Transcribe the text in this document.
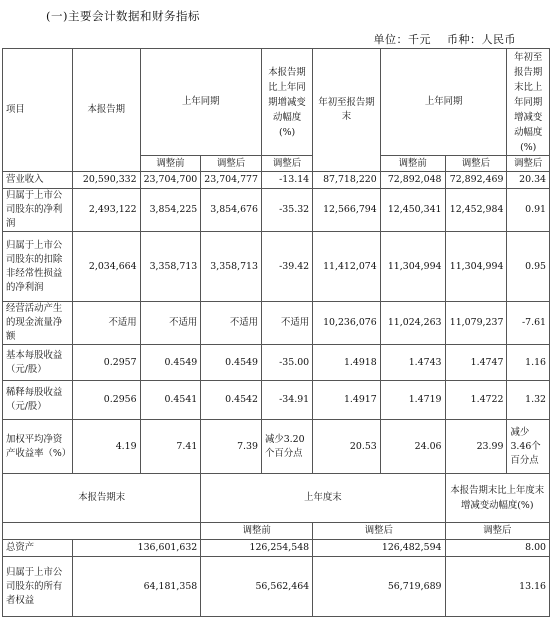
(一)主要会计数据和财务指标
单位：千元 币种：人民币
项目	本报告期	上年同期		本报告期比上年同期增减变动幅度(%)	年初至报告期末	上年同期		年初至报告期末比上年同期增减变动幅度(%)
		调整前	调整后	调整后		调整前	调整后	调整后
营业收入	20,590,332	23,704,700	23,704,777	-13.14	87,718,220	72,892,048	72,892,469	20.34
归属于上市公司股东的净利润	2,493,122	3,854,225	3,854,676	-35.32	12,566,794	12,450,341	12,452,984	0.91
归属于上市公司股东的扣除非经常性损益的净利润	2,034,664	3,358,713	3,358,713	-39.42	11,412,074	11,304,994	11,304,994	0.95
经营活动产生的现金流量净额	不适用	不适用	不适用	不适用	10,236,076	11,024,263	11,079,237	-7.61
基本每股收益（元/股）	0.2957	0.4549	0.4549	-35.00	1.4918	1.4743	1.4747	1.16
稀释每股收益（元/股）	0.2956	0.4541	0.4542	-34.91	1.4917	1.4719	1.4722	1.32
加权平均净资产收益率（%）	4.19	7.41	7.39	减少3.20个百分点	20.53	24.06	23.99	减少3.46个百分点
本报告期末			上年度末				本报告期末比上年度末增减变动幅度(%)	
			调整前		调整后		调整后	
总资产	136,601,632		126,254,548		126,482,594		8.00	
归属于上市公司股东的所有者权益	64,181,358		56,562,464		56,719,689		13.16	
